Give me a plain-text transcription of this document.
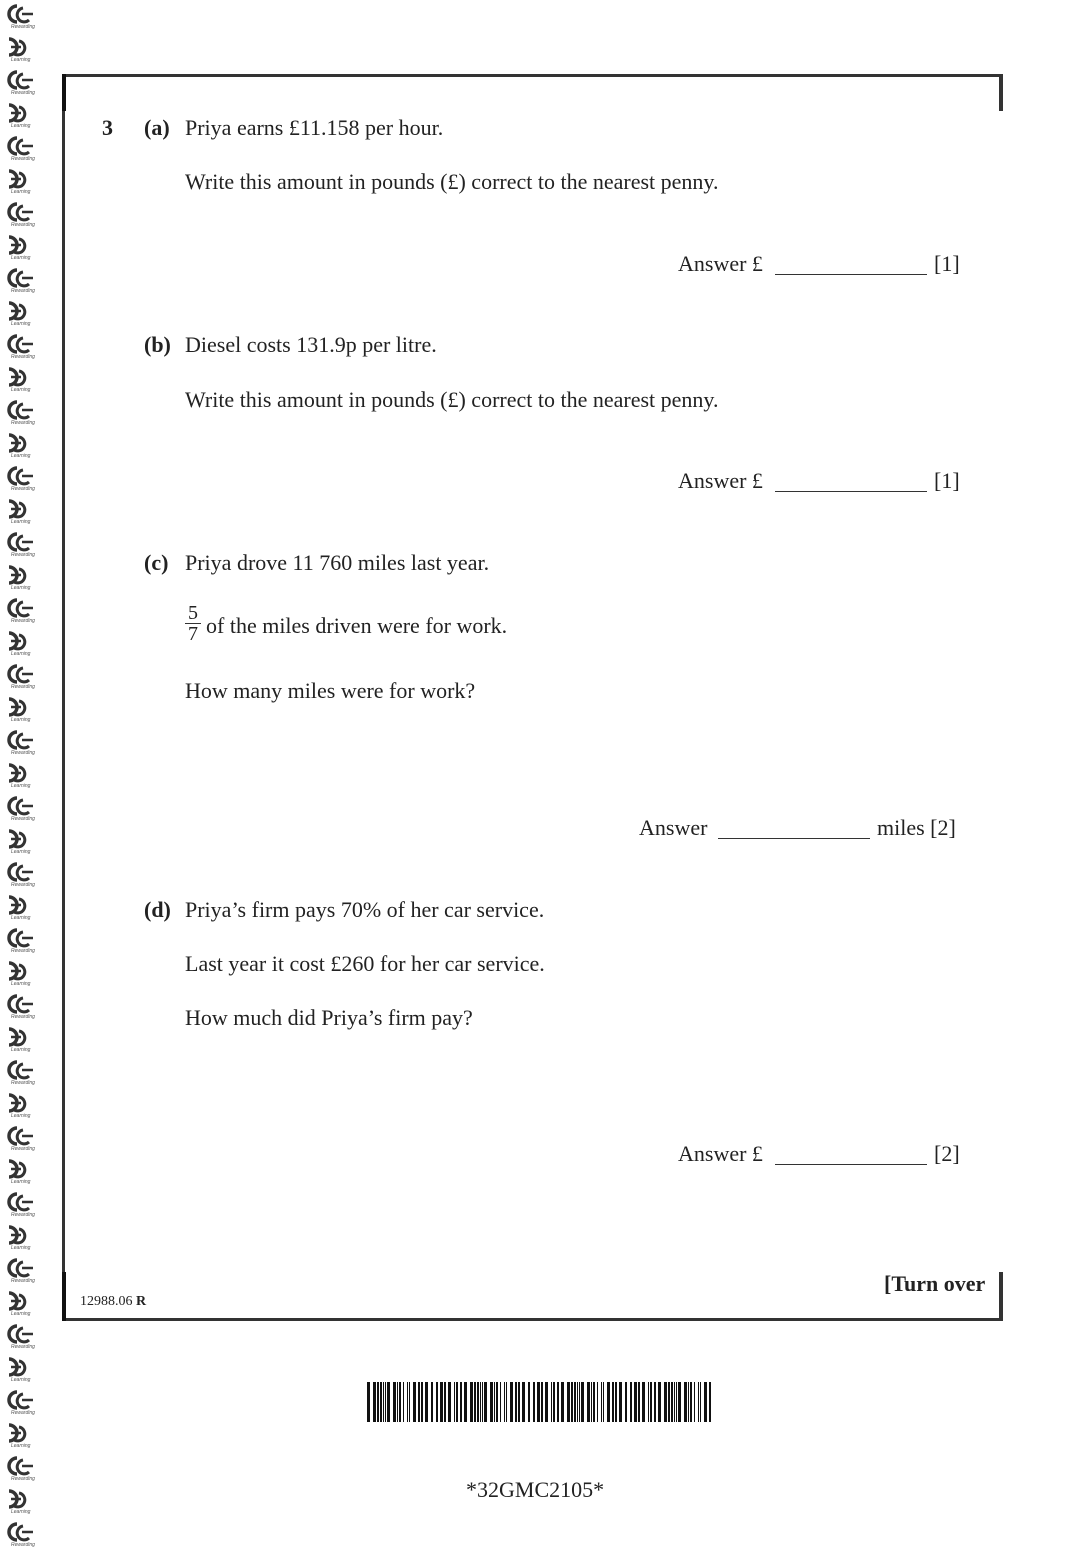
Rewarding
Learning
Rewarding
Learning
Rewarding
Learning
Rewarding
Learning
Rewarding
Learning
Rewarding
Learning
Rewarding
Learning
Rewarding
Learning
Rewarding
Learning
Rewarding
Learning
Rewarding
Learning
Rewarding
Learning
Rewarding
Learning
Rewarding
Learning
Rewarding
Learning
Rewarding
Learning
Rewarding
Learning
Rewarding
Learning
Rewarding
Learning
Rewarding
Learning
Rewarding
Learning
Rewarding
Learning
Rewarding
Learning
Rewarding
3 (a) Priya earns £11.158 per hour.
Write this amount in pounds (£) correct to the nearest penny.
Answer £	[1]
(b) Diesel costs 131.9p per litre.
Write this amount in pounds (£) correct to the nearest penny.
Answer £	[1]
(c) Priya drove 11 760 miles last year.
5
7 of the miles driven were for work.
How many miles were for work?
Answer	miles [2]
(d) Priya’s firm pays 70% of her car service.
Last year it cost £260 for her car service.
How much did Priya’s firm pay?
Answer £	[2]
12988.06 R
[Turn over
*32GMC2105*
